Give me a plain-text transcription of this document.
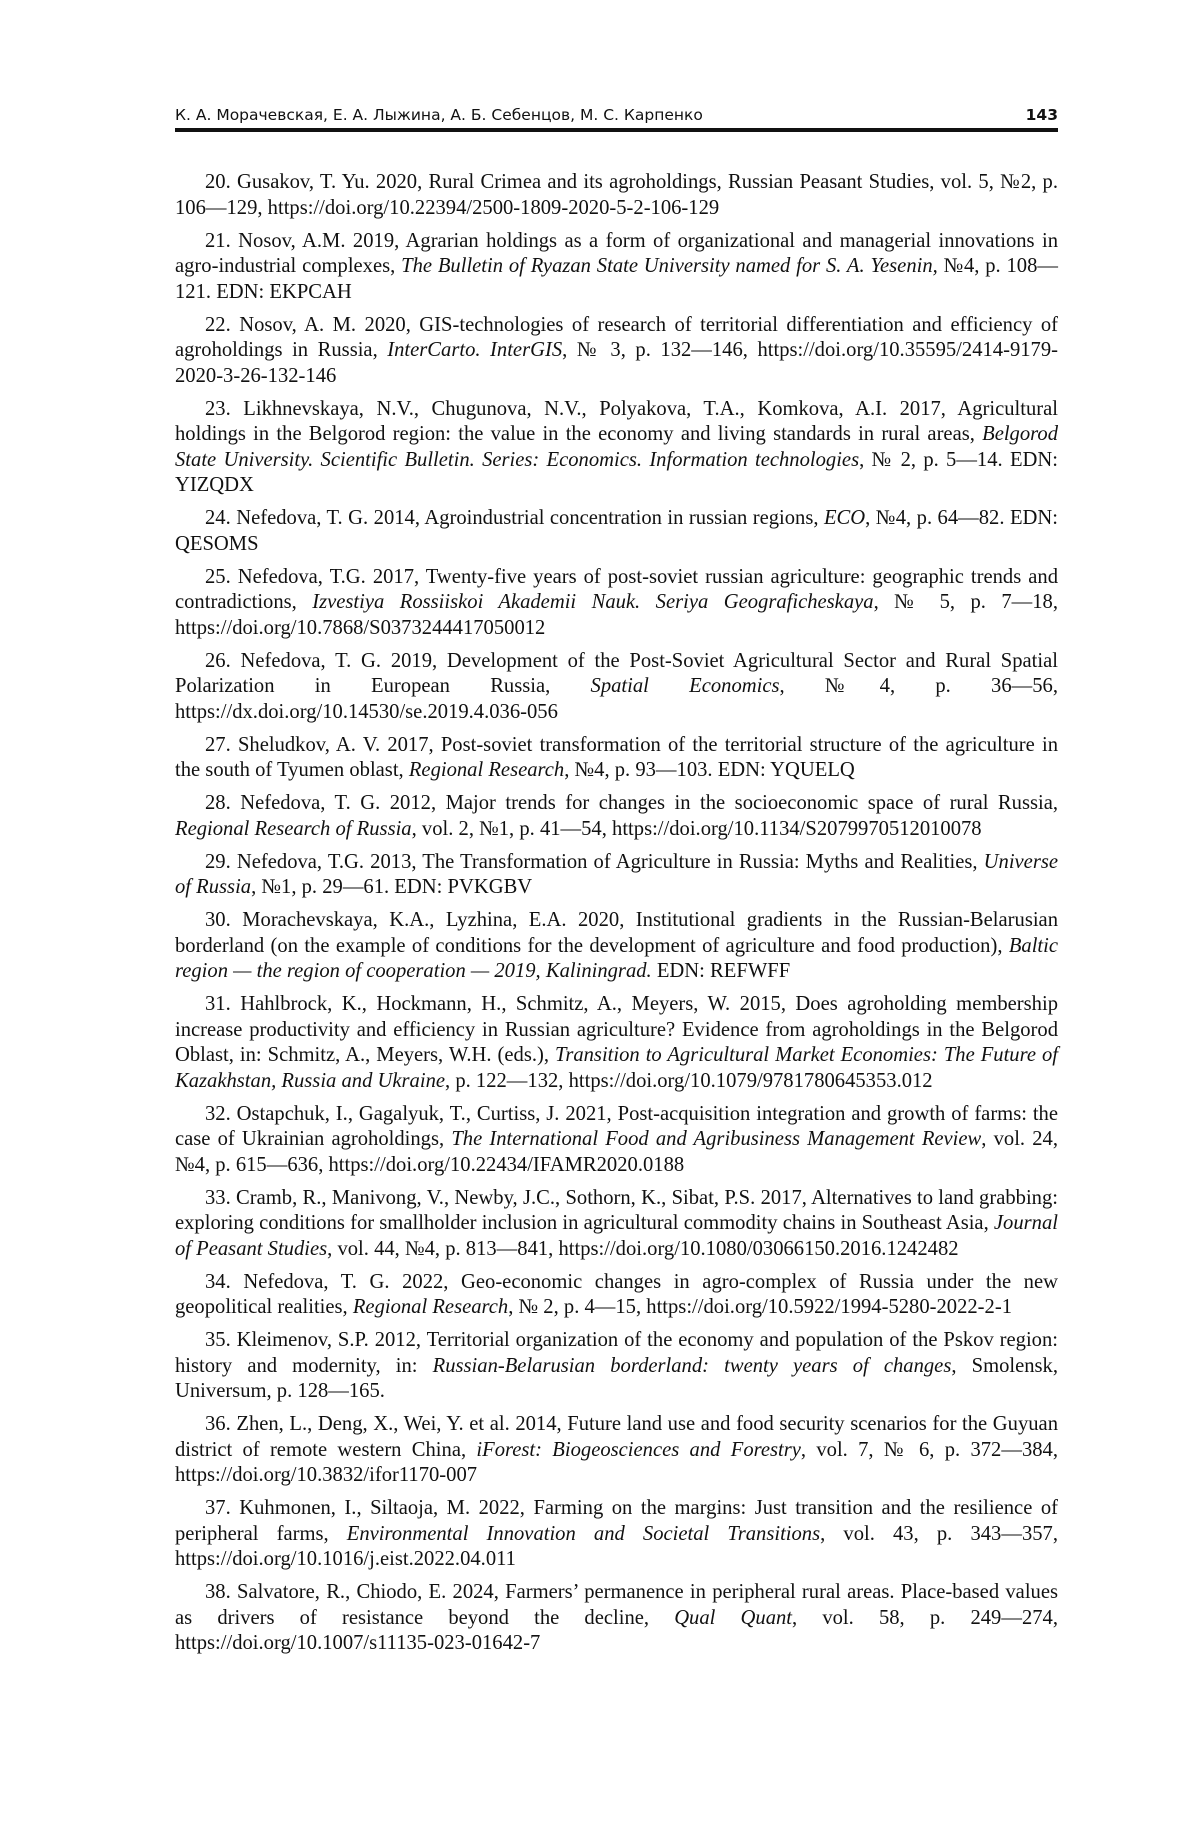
К. А. Морачевская, Е. А. Лыжина, А. Б. Себенцов, М. С. Карпенко	143

20. Gusakov, T. Yu. 2020, Rural Crimea and its agroholdings, Russian Peasant Studies, vol. 5, №2, p. 106—129, https://doi.org/10.22394/2500-1809-2020-5-2-106-129

21. Nosov, A.M. 2019, Agrarian holdings as a form of organizational and managerial innovations in agro-industrial complexes, The Bulletin of Ryazan State University named for S. A. Yesenin, №4, p. 108—121. EDN: EKPCAH

22. Nosov, A. M. 2020, GIS-technologies of research of territorial differentiation and efficiency of agroholdings in Russia, InterCarto. InterGIS, № 3, p. 132—146, https://doi.org/10.35595/2414-9179-2020-3-26-132-146

23. Likhnevskaya, N.V., Chugunova, N.V., Polyakova, T.A., Komkova, A.I. 2017, Agricultural holdings in the Belgorod region: the value in the economy and living standards in rural areas, Belgorod State University. Scientific Bulletin. Series: Economics. Information technologies, № 2, p. 5—14. EDN: YIZQDX

24. Nefedova, T. G. 2014, Agroindustrial concentration in russian regions, ECO, №4, p. 64—82. EDN: QESOMS

25. Nefedova, T.G. 2017, Twenty-five years of post-soviet russian agriculture: geographic trends and contradictions, Izvestiya Rossiiskoi Akademii Nauk. Seriya Geograficheskaya, № 5, p. 7—18, https://doi.org/10.7868/S0373244417050012

26. Nefedova, T. G. 2019, Development of the Post-Soviet Agricultural Sector and Rural Spatial Polarization in European Russia, Spatial Economics, №4, p. 36—56, https://dx.doi.org/10.14530/se.2019.4.036-056

27. Sheludkov, A. V. 2017, Post-soviet transformation of the territorial structure of the agriculture in the south of Tyumen oblast, Regional Research, №4, p. 93—103. EDN: YQUELQ

28. Nefedova, T. G. 2012, Major trends for changes in the socioeconomic space of rural Russia, Regional Research of Russia, vol. 2, №1, p. 41—54, https://doi.org/10.1134/S2079970512010078

29. Nefedova, T.G. 2013, The Transformation of Agriculture in Russia: Myths and Realities, Universe of Russia, №1, p. 29—61. EDN: PVKGBV

30. Morachevskaya, K.A., Lyzhina, E.A. 2020, Institutional gradients in the Russian-Belarusian borderland (on the example of conditions for the development of agriculture and food production), Baltic region — the region of cooperation — 2019, Kaliningrad. EDN: REFWFF

31. Hahlbrock, K., Hockmann, H., Schmitz, A., Meyers, W. 2015, Does agroholding membership increase productivity and efficiency in Russian agriculture? Evidence from agroholdings in the Belgorod Oblast, in: Schmitz, A., Meyers, W.H. (eds.), Transition to Agricultural Market Economies: The Future of Kazakhstan, Russia and Ukraine, p. 122—132, https://doi.org/10.1079/9781780645353.012

32. Ostapchuk, I., Gagalyuk, T., Curtiss, J. 2021, Post-acquisition integration and growth of farms: the case of Ukrainian agroholdings, The International Food and Agribusiness Management Review, vol. 24, №4, p. 615—636, https://doi.org/10.22434/IFAMR2020.0188

33. Cramb, R., Manivong, V., Newby, J.C., Sothorn, K., Sibat, P.S. 2017, Alternatives to land grabbing: exploring conditions for smallholder inclusion in agricultural commodity chains in Southeast Asia, Journal of Peasant Studies, vol. 44, №4, p. 813—841, https://doi.org/10.1080/03066150.2016.1242482

34. Nefedova, T. G. 2022, Geo-economic changes in agro-complex of Russia under the new geopolitical realities, Regional Research, № 2, p. 4—15, https://doi.org/10.5922/1994-5280-2022-2-1

35. Kleimenov, S.P. 2012, Territorial organization of the economy and population of the Pskov region: history and modernity, in: Russian-Belarusian borderland: twenty years of changes, Smolensk, Universum, p. 128—165.

36. Zhen, L., Deng, X., Wei, Y. et al. 2014, Future land use and food security scenarios for the Guyuan district of remote western China, iForest: Biogeosciences and Forestry, vol. 7, № 6, p. 372—384, https://doi.org/10.3832/ifor1170-007

37. Kuhmonen, I., Siltaoja, M. 2022, Farming on the margins: Just transition and the resilience of peripheral farms, Environmental Innovation and Societal Transitions, vol. 43, p. 343—357, https://doi.org/10.1016/j.eist.2022.04.011

38. Salvatore, R., Chiodo, E. 2024, Farmers’ permanence in peripheral rural areas. Place-based values as drivers of resistance beyond the decline, Qual Quant, vol. 58, p. 249—274, https://doi.org/10.1007/s11135-023-01642-7
